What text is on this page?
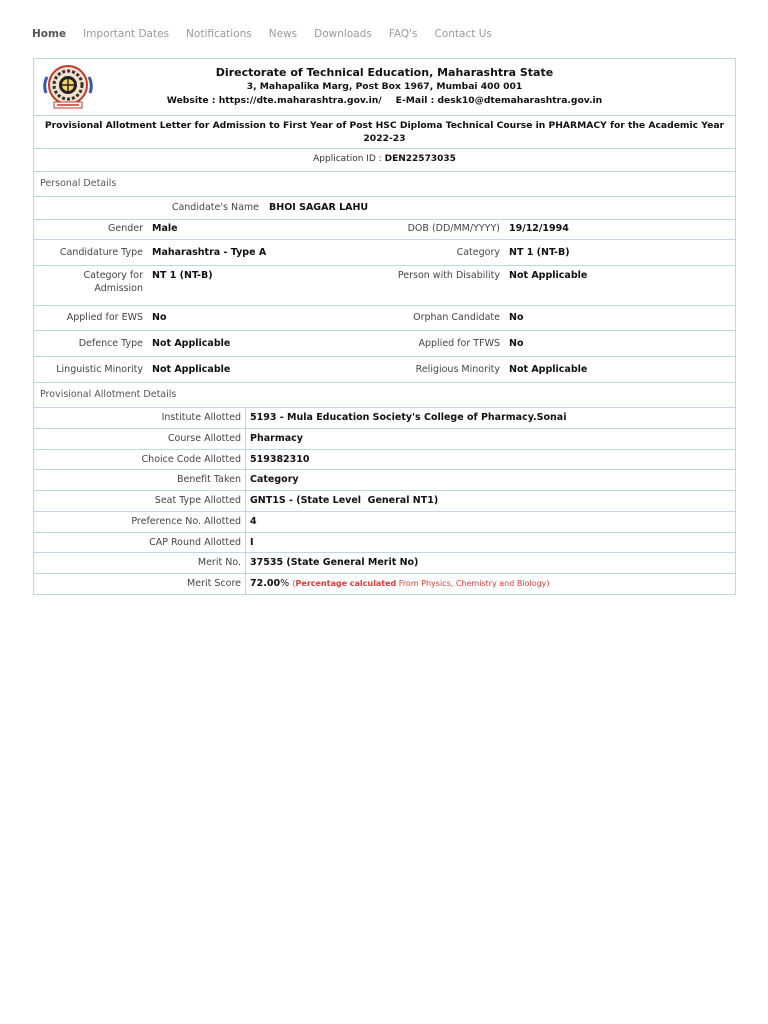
Home Important Dates Notifications News Downloads FAQ's Contact Us
Directorate of Technical Education, Maharashtra State
3, Mahapalika Marg, Post Box 1967, Mumbai 400 001
Website : https://dte.maharashtra.gov.in/ E-Mail : desk10@dtemaharashtra.gov.in
Provisional Allotment Letter for Admission to First Year of Post HSC Diploma Technical Course in PHARMACY for the Academic Year 2022-23
Application ID : DEN22573035
Personal Details
Candidate's Name BHOI SAGAR LAHU
Gender Male	DOB (DD/MM/YYYY) 19/12/1994
Candidature Type Maharashtra - Type A	Category NT 1 (NT-B)
Category for Admission
NT 1 (NT-B)	Person with Disability Not Applicable
Applied for EWS No	Orphan Candidate No
Defence Type Not Applicable	Applied for TFWS No
Linguistic Minority Not Applicable	Religious Minority Not Applicable
Provisional Allotment Details
Institute Allotted 5193 - Mula Education Society's College of Pharmacy.Sonai
Course Allotted Pharmacy
Choice Code Allotted 519382310
Benefit Taken Category
Seat Type Allotted GNT1S - (State Level  General NT1)
Preference No. Allotted 4
CAP Round Allotted I
Merit No. 37535 (State General Merit No)
Merit Score 72.00% (Percentage calculated From Physics, Chemistry and Biology)
